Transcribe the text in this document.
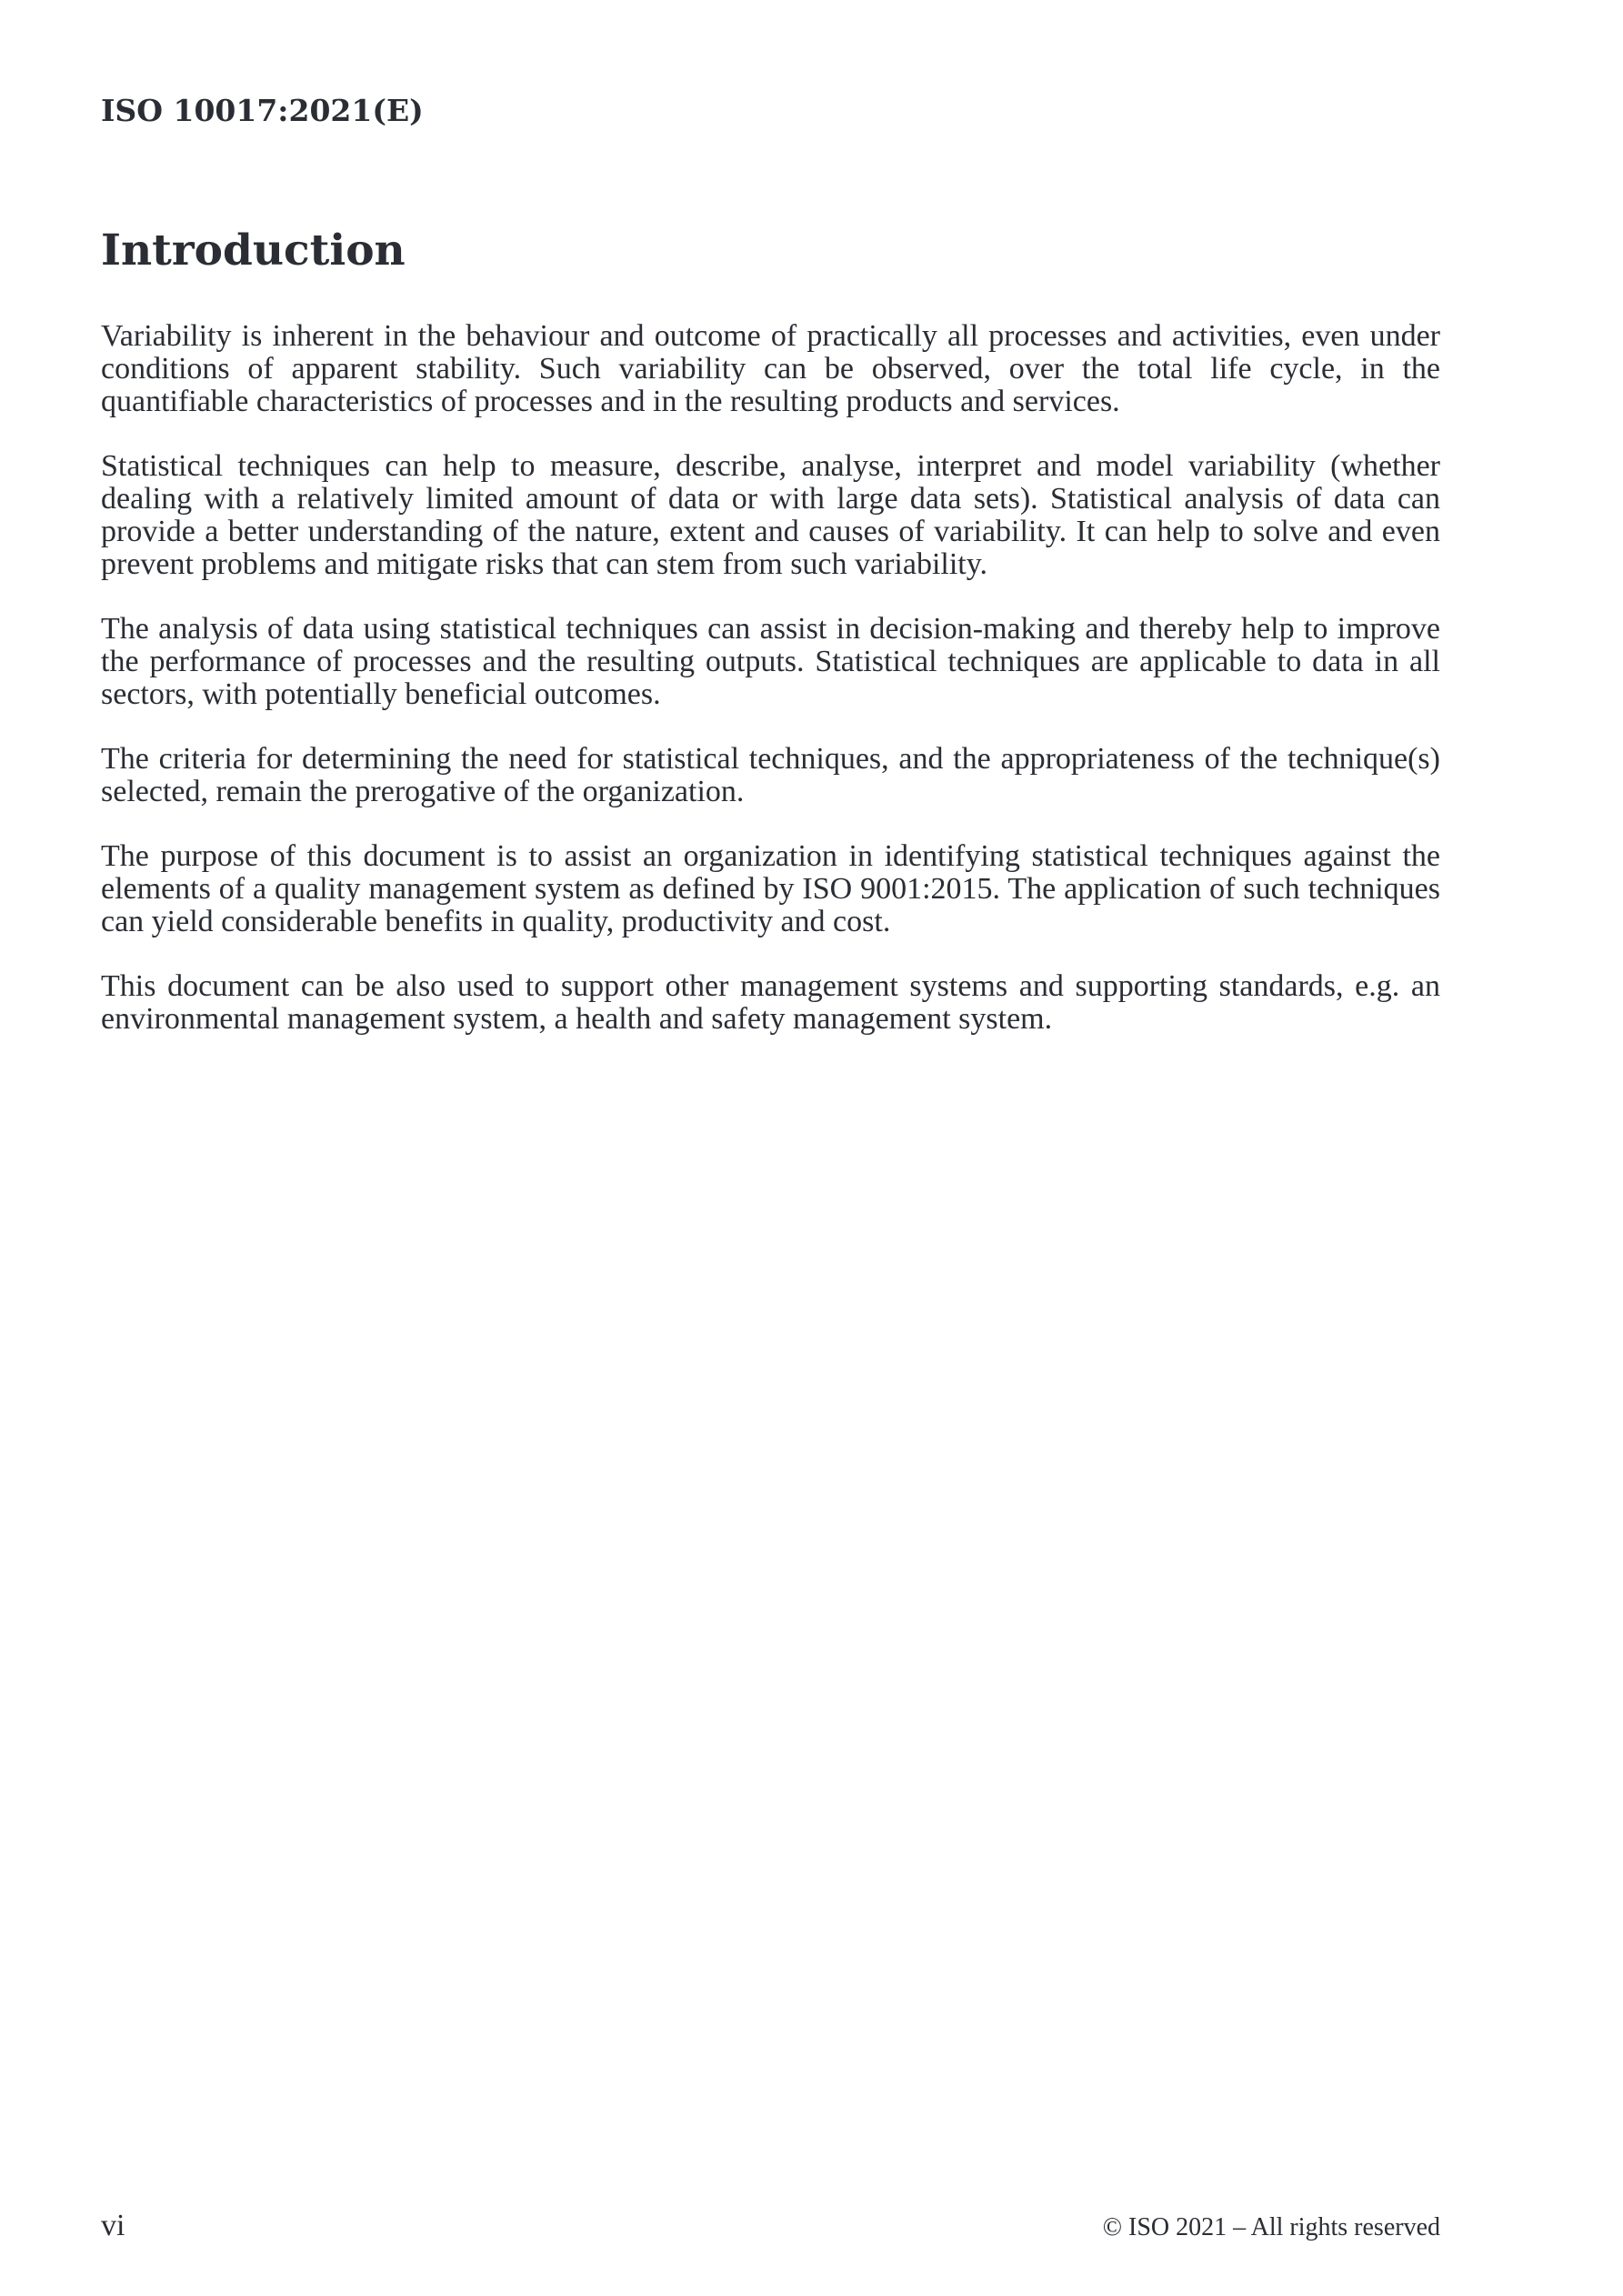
ISO 10017:2021(E)
Introduction

Variability is inherent in the behaviour and outcome of practically all processes and activities, even under conditions of apparent stability. Such variability can be observed, over the total life cycle, in the quantifiable characteristics of processes and in the resulting products and services.

Statistical techniques can help to measure, describe, analyse, interpret and model variability (whether dealing with a relatively limited amount of data or with large data sets). Statistical analysis of data can provide a better understanding of the nature, extent and causes of variability. It can help to solve and even prevent problems and mitigate risks that can stem from such variability.

The analysis of data using statistical techniques can assist in decision-making and thereby help to improve the performance of processes and the resulting outputs. Statistical techniques are applicable to data in all sectors, with potentially beneficial outcomes.

The criteria for determining the need for statistical techniques, and the appropriateness of the technique(s) selected, remain the prerogative of the organization.

The purpose of this document is to assist an organization in identifying statistical techniques against the elements of a quality management system as defined by ISO 9001:2015. The application of such techniques can yield considerable benefits in quality, productivity and cost.

This document can be also used to support other management systems and supporting standards, e.g. an environmental management system, a health and safety management system.

vi	© ISO 2021 – All rights reserved
